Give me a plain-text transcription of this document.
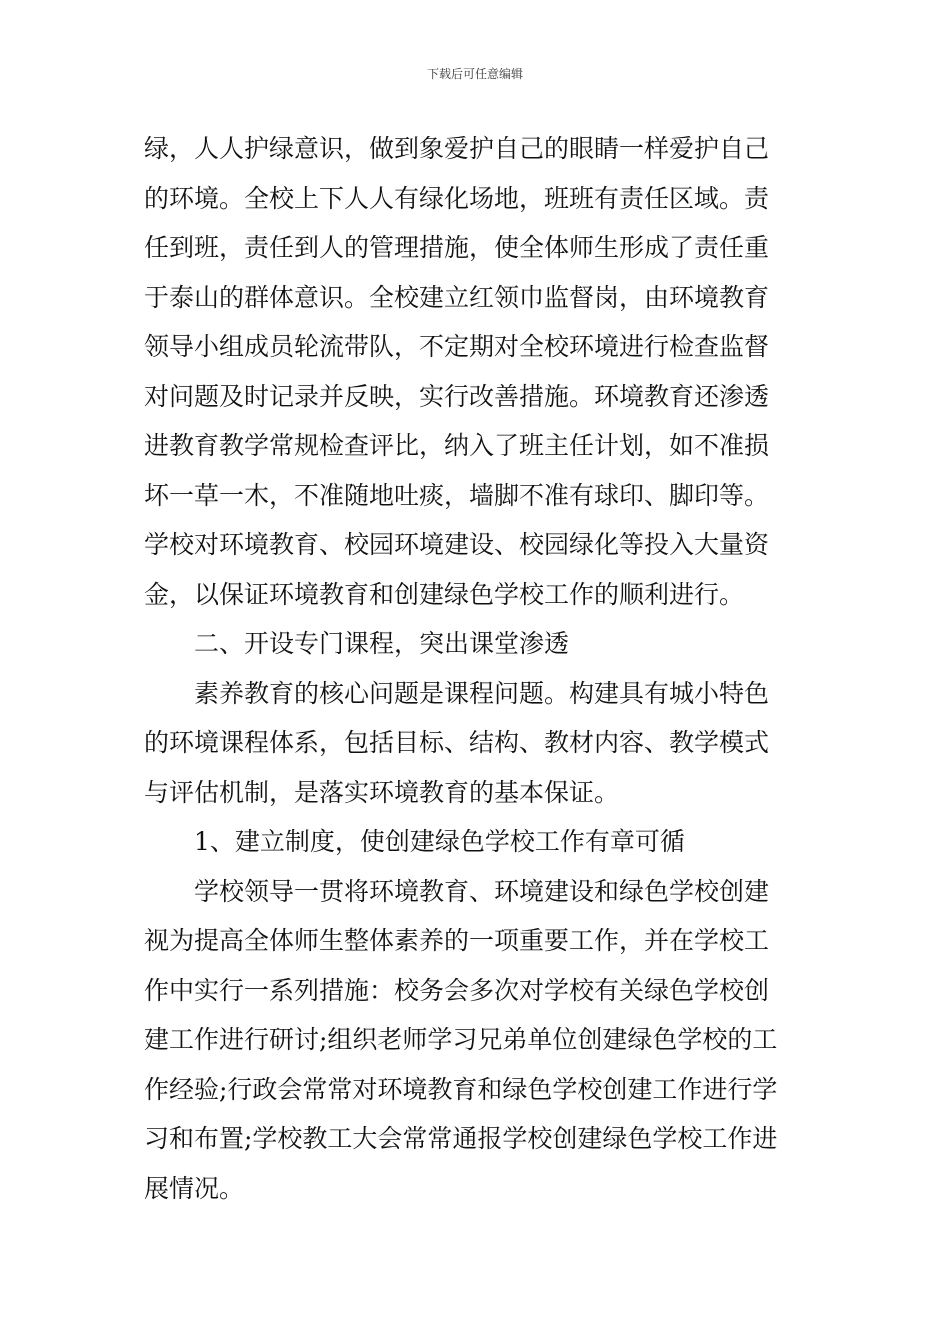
下载后可任意编辑
绿，人人护绿意识，做到象爱护自己的眼睛一样爱护自己
的环境。全校上下人人有绿化场地，班班有责任区域。责
任到班，责任到人的管理措施，使全体师生形成了责任重
于泰山的群体意识。全校建立红领巾监督岗，由环境教育
领导小组成员轮流带队，不定期对全校环境进行检查监督
对问题及时记录并反映，实行改善措施。环境教育还渗透
进教育教学常规检查评比，纳入了班主任计划，如不准损
坏一草一木，不准随地吐痰，墙脚不准有球印、脚印等。
学校对环境教育、校园环境建设、校园绿化等投入大量资
金，以保证环境教育和创建绿色学校工作的顺利进行。
二、开设专门课程，突出课堂渗透
素养教育的核心问题是课程问题。构建具有城小特色
的环境课程体系，包括目标、结构、教材内容、教学模式
与评估机制，是落实环境教育的基本保证。
1、建立制度，使创建绿色学校工作有章可循
学校领导一贯将环境教育、环境建设和绿色学校创建
视为提高全体师生整体素养的一项重要工作，并在学校工
作中实行一系列措施：校务会多次对学校有关绿色学校创
建工作进行研讨;组织老师学习兄弟单位创建绿色学校的工
作经验;行政会常常对环境教育和绿色学校创建工作进行学
习和布置;学校教工大会常常通报学校创建绿色学校工作进
展情况。
